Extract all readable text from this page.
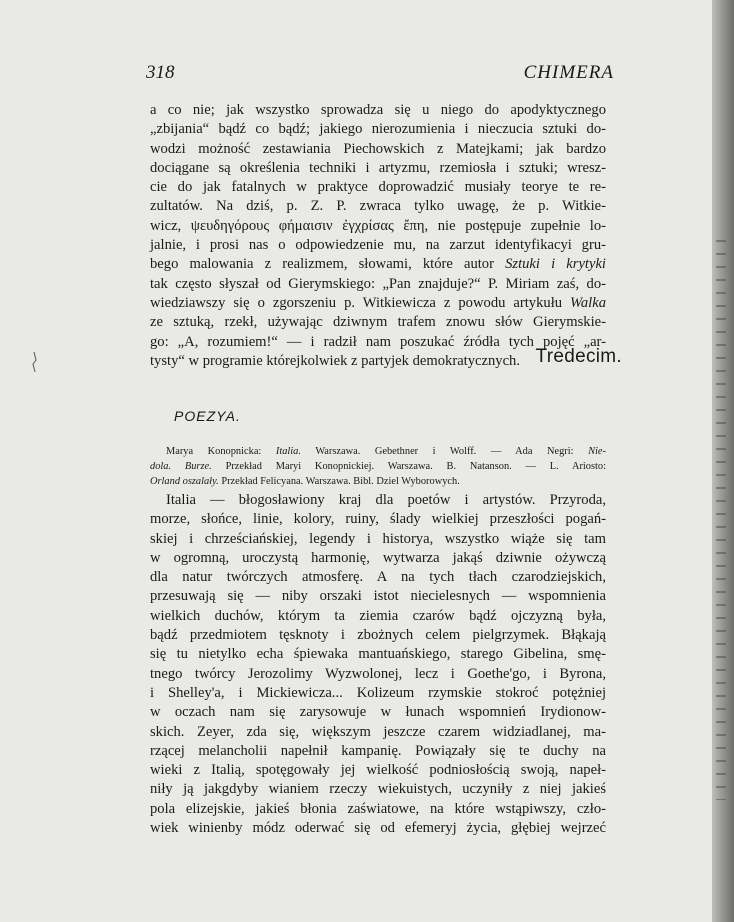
318	CHIMERA
a co nie; jak wszystko sprowadza się u niego do apodyktycznego
„zbijania“ bądź co bądź; jakiego nierozumienia i nieczucia sztuki do-
wodzi możność zestawiania Piechowskich z Matejkami; jak bardzo
dociągane są określenia techniki i artyzmu, rzemiosła i sztuki; wresz-
cie do jak fatalnych w praktyce doprowadzić musiały teorye te re-
zultatów. Na dziś, p. Z. P. zwraca tylko uwagę, że p. Witkie-
wicz, ψευδηγόρους φήμαισιν ἐγχρίσας ἔπη, nie postępuje zupełnie lo-
jalnie, i prosi nas o odpowiedzenie mu, na zarzut identyfikacyi gru-
bego malowania z realizmem, słowami, które autor Sztuki i krytyki
tak często słyszał od Gierymskiego: „Pan znajduje?“ P. Miriam zaś, do-
wiedziawszy się o zgorszeniu p. Witkiewicza z powodu artykułu Walka
ze sztuką, rzekł, używając dziwnym trafem znowu słów Gierymskie-
go: „A, rozumiem!“ — i radził nam poszukać źródła tych pojęć „ar-
tysty“ w programie którejkolwiek z partyjek demokratycznych. Tredecim.
POEZYA.
Marya Konopnicka: Italia. Warszawa. Gebethner i Wolff. — Ada Negri: Nie-
dola. Burze. Przekład Maryi Konopnickiej. Warszawa. B. Natanson. — L. Ariosto:
Orland oszalały. Przekład Felicyana. Warszawa. Bibl. Dziel Wyborowych.
Italia — błogosławiony kraj dla poetów i artystów. Przyroda,
morze, słońce, linie, kolory, ruiny, ślady wielkiej przeszłości pogań-
skiej i chrześciańskiej, legendy i historya, wszystko wiąże się tam
w ogromną, uroczystą harmonię, wytwarza jakąś dziwnie ożywczą
dla natur twórczych atmosferę. A na tych tłach czarodziejskich,
przesuwają się — niby orszaki istot niecielesnych — wspomnienia
wielkich duchów, którym ta ziemia czarów bądź ojczyzną była,
bądź przedmiotem tęsknoty i zbożnych celem pielgrzymek. Błąkają
się tu nietylko echa śpiewaka mantuańskiego, starego Gibelina, smę-
tnego twórcy Jerozolimy Wyzwolonej, lecz i Goethe'go, i Byrona,
i Shelley'a, i Mickiewicza... Kolizeum rzymskie stokroć potężniej
w oczach nam się zarysowuje w łunach wspomnień Irydionow-
skich. Zeyer, zda się, większym jeszcze czarem widziadlanej, ma-
rzącej melancholii napełnił kampanię. Powiązały się te duchy na
wieki z Italią, spotęgowały jej wielkość podniosłością swoją, napeł-
niły ją jakgdyby wianiem rzeczy wiekuistych, uczyniły z niej jakieś
pola elizejskie, jakieś błonia zaświatowe, na które wstąpiwszy, czło-
wiek winienby módz oderwać się od efemeryj życia, głębiej wejrzeć
